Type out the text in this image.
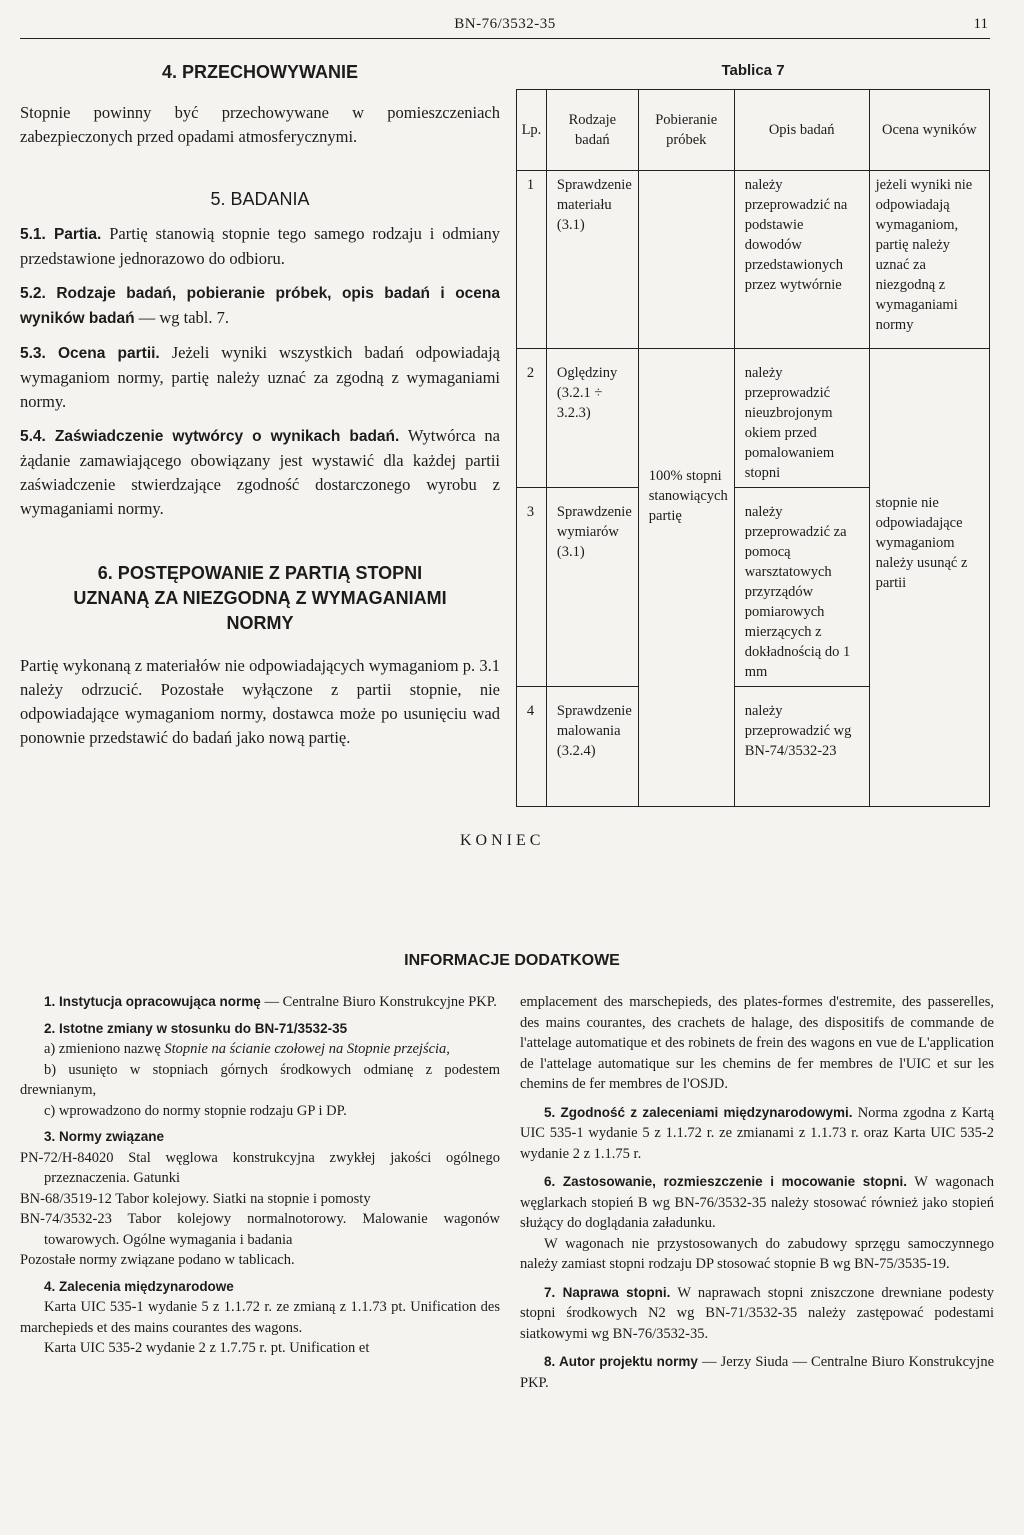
BN-76/3532-35	11
4. PRZECHOWYWANIE

Stopnie powinny być przechowywane w pomieszczeniach zabezpieczonych przed opadami atmosferycznymi.

5. BADANIA

5.1. Partia. Partię stanowią stopnie tego samego rodzaju i odmiany przedstawione jednorazowo do odbioru.

5.2. Rodzaje badań, pobieranie próbek, opis badań i ocena wyników badań — wg tabl. 7.

5.3. Ocena partii. Jeżeli wyniki wszystkich badań odpowiadają wymaganiom normy, partię należy uznać za zgodną z wymaganiami normy.

5.4. Zaświadczenie wytwórcy o wynikach badań. Wytwórca na żądanie zamawiającego obowiązany jest wystawić dla każdej partii zaświadczenie stwierdzające zgodność dostarczonego wyrobu z wymaganiami normy.

6. POSTĘPOWANIE Z PARTIĄ STOPNI
UZNANĄ ZA NIEZGODNĄ Z WYMAGANIAMI
NORMY

Partię wykonaną z materiałów nie odpowiadających wymaganiom p. 3.1 należy odrzucić. Pozostałe wyłączone z partii stopnie, nie odpowiadające wymaganiom normy, dostawca może po usunięciu wad ponownie przedstawić do badań jako nową partię.

Tablica 7
Lp.	Rodzaje badań	Pobieranie próbek	Opis badań	Ocena wyników
1	Sprawdzenie materiału (3.1)		należy przeprowadzić na podstawie dowodów przedstawionych przez wytwórnie	jeżeli wyniki nie odpowiadają wymaganiom, partię należy uznać za niezgodną z wymaganiami normy
2	Oględziny (3.2.1 ÷ 3.2.3)	100% stopni stanowiących partię	należy przeprowadzić nieuzbrojonym okiem przed pomalowaniem stopni	stopnie nie odpowiadające wymaganiom należy usunąć z partii

3	Sprawdzenie wymiarów (3.1)		należy przeprowadzić za pomocą warsztatowych przyrządów pomiarowych mierzących z dokładnością do 1 mm	
4	Sprawdzenie malowania (3.2.4)		należy przeprowadzić wg BN-74/3532-23	
KONIEC
INFORMACJE DODATKOWE

1. Instytucja opracowująca normę — Centralne Biuro Konstrukcyjne PKP.

2. Istotne zmiany w stosunku do BN-71/3532-35

a) zmieniono nazwę Stopnie na ścianie czołowej na Stopnie przejścia,

b) usunięto w stopniach górnych środkowych odmianę z podestem drewnianym,

c) wprowadzono do normy stopnie rodzaju GP i DP.

3. Normy związane

PN-72/H-84020 Stal węglowa konstrukcyjna zwykłej jakości ogólnego przeznaczenia. Gatunki

BN-68/3519-12 Tabor kolejowy. Siatki na stopnie i pomosty

BN-74/3532-23 Tabor kolejowy normalnotorowy. Malowanie wagonów towarowych. Ogólne wymagania i badania

Pozostałe normy związane podano w tablicach.

4. Zalecenia międzynarodowe

Karta UIC 535-1 wydanie 5 z 1.1.72 r. ze zmianą z 1.1.73 pt. Unification des marchepieds et des mains courantes des wagons.

Karta UIC 535-2 wydanie 2 z 1.7.75 r. pt. Unification et

emplacement des marschepieds, des plates-formes d'estremite, des passerelles, des mains courantes, des crachets de halage, des dispositifs de commande de l'attelage automatique et des robinets de frein des wagons en vue de L'application de l'attelage automatique sur les chemins de fer membres de l'UIC et sur les chemins de fer membres de l'OSJD.

5. Zgodność z zaleceniami międzynarodowymi. Norma zgodna z Kartą UIC 535-1 wydanie 5 z 1.1.72 r. ze zmianami z 1.1.73 r. oraz Karta UIC 535-2 wydanie 2 z 1.1.75 r.

6. Zastosowanie, rozmieszczenie i mocowanie stopni. W wagonach węglarkach stopień B wg BN-76/3532-35 należy stosować również jako stopień służący do doglądania załadunku.

W wagonach nie przystosowanych do zabudowy sprzęgu samoczynnego należy zamiast stopni rodzaju DP stosować stopnie B wg BN-75/3535-19.

7. Naprawa stopni. W naprawach stopni zniszczone drewniane podesty stopni środkowych N2 wg BN-71/3532-35 należy zastępować podestami siatkowymi wg BN-76/3532-35.

8. Autor projektu normy — Jerzy Siuda — Centralne Biuro Konstrukcyjne PKP.
